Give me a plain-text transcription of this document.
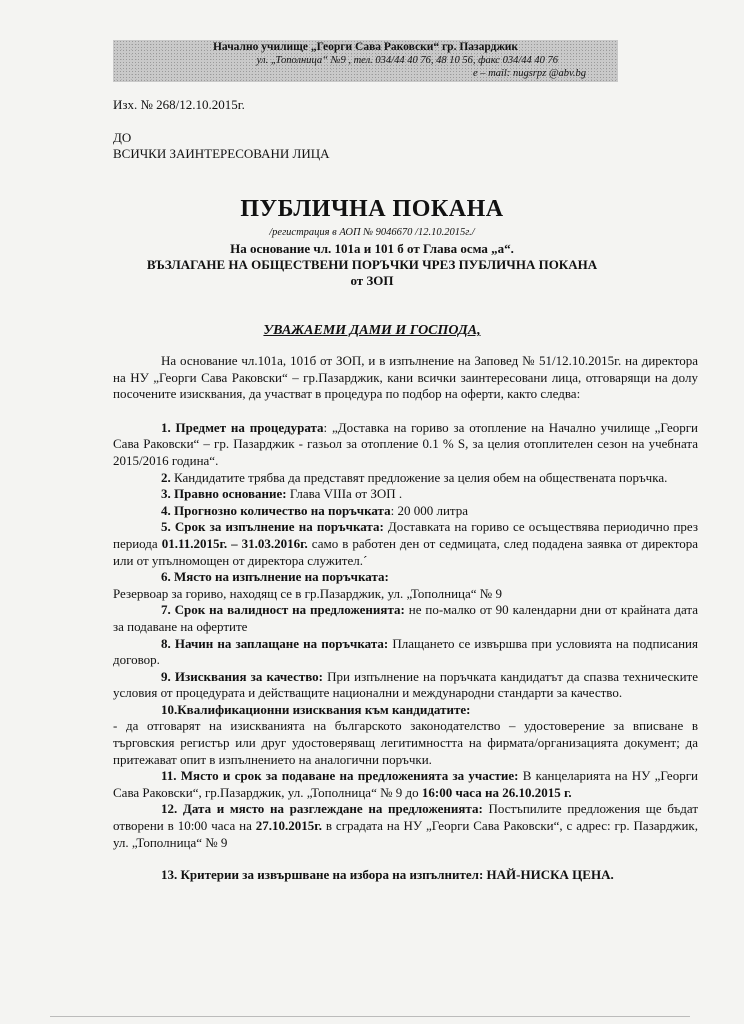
Начално училище „Георги Сава Раковски“ гр. Пазарджик
ул. „Тополница“ №9 , тел. 034/44 40 76, 48 10 56, факс 034/44 40 76
е – mail: nugsrpz @abv.bg
Изх. № 268/12.10.2015г.
ДО
ВСИЧКИ ЗАИНТЕРЕСОВАНИ ЛИЦА
ПУБЛИЧНА ПОКАНА
/регистрация в АОП № 9046670 /12.10.2015г./
На основание чл. 101а и 101 б от Глава осма „а“.
ВЪЗЛАГАНЕ НА ОБЩЕСТВЕНИ ПОРЪЧКИ ЧРЕЗ ПУБЛИЧНА ПОКАНА
от ЗОП
УВАЖАЕМИ ДАМИ И ГОСПОДА,

На основание чл.101а, 101б от ЗОП, и в изпълнение на Заповед № 51/12.10.2015г. на директора на НУ „Георги Сава Раковски“ – гр.Пазарджик, кани всички заинтересовани лица, отговарящи на долу посочените изисквания, да участват в процедура по подбор на оферти, както следва:

1. Предмет на процедурата: „Доставка на гориво за отопление на Начално училище „Георги Сава Раковски“ – гр. Пазарджик - газьол за отопление 0.1 % S, за целия отоплителен сезон на учебната 2015/2016 година“.

2. Кандидатите трябва да представят предложение за целия обем на обществената поръчка.

3. Правно основание: Глава VIIIа от ЗОП .

4. Прогнозно количество на поръчката: 20 000 литра

5. Срок за изпълнение на поръчката: Доставката на гориво се осъществява периодично през периода 01.11.2015г. – 31.03.2016г. само в работен ден от седмицата, след подадена заявка от директора или от упълномощен от директора служител.´

6. Място на изпълнение на поръчката:

Резервоар за гориво, находящ се в гр.Пазарджик, ул. „Тополница“ № 9

7. Срок на валидност на предложенията: не по-малко от 90 календарни дни от крайната дата за подаване на офертите

8. Начин на заплащане на поръчката: Плащането се извършва при условията на подписания договор.

9. Изисквания за качество: При изпълнение на поръчката кандидатът да спазва техническите условия от процедурата и действащите национални и международни стандарти за качество.

10.Квалификационни изисквания към кандидатите:

- да отговарят на изискванията на българското законодателство – удостоверение за вписване в търговския регистър или друг удостоверяващ легитимността на фирмата/организацията документ; да притежават опит в изпълнението на аналогични поръчки.

11. Място и срок за подаване на предложенията за участие: В канцеларията на НУ „Георги Сава Раковски“, гр.Пазарджик, ул. „Тополница“ № 9 до 16:00 часа на 26.10.2015 г.

12. Дата и място на разглеждане на предложенията: Постъпилите предложения ще бъдат отворени в 10:00 часа на 27.10.2015г. в сградата на НУ „Георги Сава Раковски“, с адрес: гр. Пазарджик, ул. „Тополница“ № 9

13. Критерии за извършване на избора на изпълнител: НАЙ-НИСКА ЦЕНА.
